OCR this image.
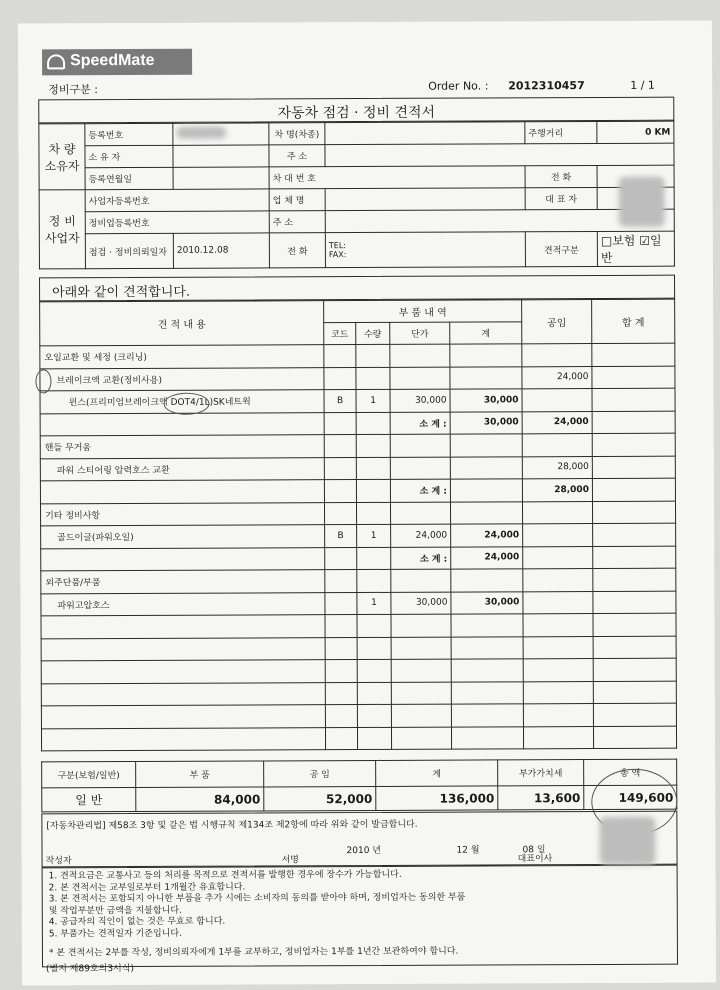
SpeedMate
정비구분 :	Order No. : 2012310457	1 / 1
자동차 점검 · 정비 견적서
차 량 소유자	등록번호		차 명(차종)		주행거리	0 KM
	소 유 자		주 소			
	등록연월일		차 대 번 호		전 화	
정 비 사업자	사업자등록번호		업 체 명		대 표 자	
	정비업등록번호		주 소			
	점검 · 정비의뢰일자	2010.12.08	전 화	TEL:
FAX:	견적구분	□보험 ☑일반
아래와 같이 견적합니다.
견 적 내 용	부 품 내 역				공임	합 계
	코드	수량	단가	계		
오일교환 및 세정 (크리닝)						
브레이크액 교환(정비사용)					24,000	
윈스(프리미엄브레이크액 DOT4/1L)SK네트웍	B	1	30,000	30,000		
			소 계 :	30,000	24,000	
핸들 무거움						
파워 스티어링 압력호스 교환					28,000	
			소 계 :		28,000	
기타 정비사항						
골드이글(파워오일)	B	1	24,000	24,000		
			소 계 :	24,000		
외주단품/부품						
파워고압호스		1	30,000	30,000		

구분(보험/일반)	부 품	공 임	계	부가가치세	총 액
일 반	84,000	52,000	136,000	13,600	149,600
[자동차관리법] 제58조 3항 및 같은 법 시행규칙 제134조 제2항에 따라 위와 같이 발급합니다.
2010 년	12 월	08 일
작성자	서명	대표이사
1. 견적요금은 교통사고 등의 처리를 목적으로 견적서를 발행한 경우에 장수가 가능합니다.
2. 본 견적서는 교부일로부터 1개월간 유효합니다.
3. 본 견적서는 포함되지 아니한 부품을 추가 시에는 소비자의 동의를 받아야 하며, 정비업자는 동의한 부품
및 작업부분만 금액을 지불합니다.
4. 공급자의 직인이 없는 것은 무효로 합니다.
5. 부품가는 견적일자 기준입니다.
* 본 견적서는 2부를 작성, 정비의뢰자에게 1부를 교부하고, 정비업자는 1부를 1년간 보관하여야 합니다.
(별지 제89호의3서식)
